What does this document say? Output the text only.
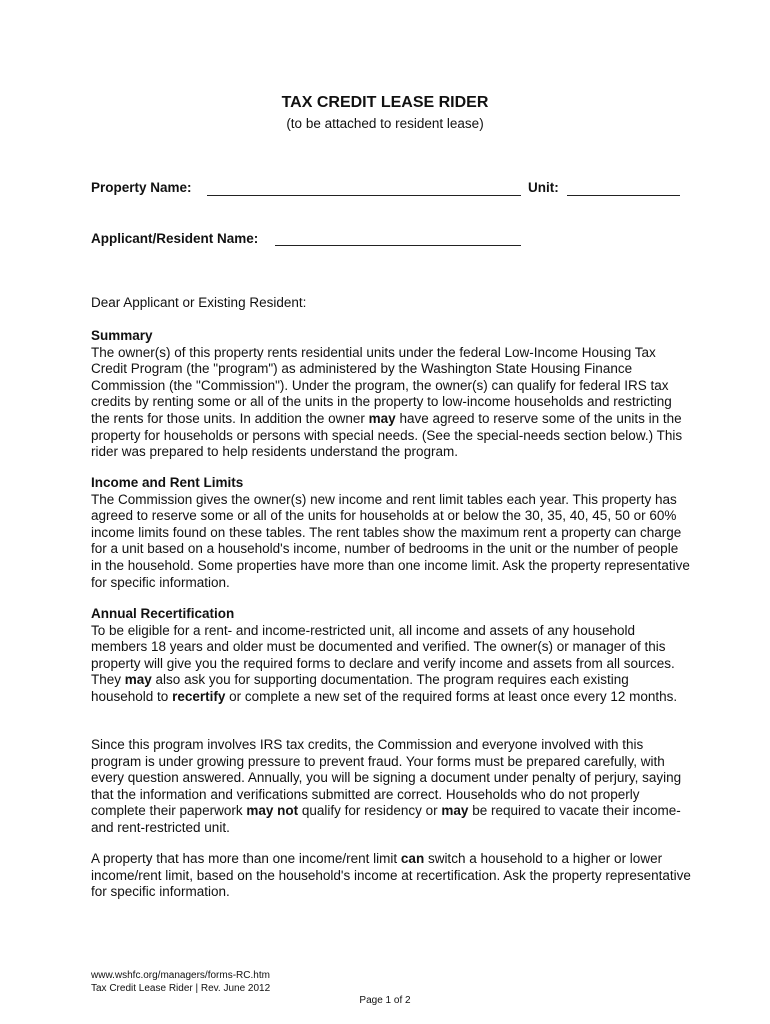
TAX CREDIT LEASE RIDER
(to be attached to resident lease)
Property Name:	Unit:
Applicant/Resident Name:
Dear Applicant or Existing Resident:
Summary
The owner(s) of this property rents residential units under the federal Low-Income Housing Tax Credit Program (the "program") as administered by the Washington State Housing Finance Commission (the "Commission"). Under the program, the owner(s) can qualify for federal IRS tax credits by renting some or all of the units in the property to low-income households and restricting the rents for those units. In addition the owner may have agreed to reserve some of the units in the property for households or persons with special needs. (See the special-needs section below.) This rider was prepared to help residents understand the program.
Income and Rent Limits
The Commission gives the owner(s) new income and rent limit tables each year. This property has agreed to reserve some or all of the units for households at or below the 30, 35, 40, 45, 50 or 60% income limits found on these tables. The rent tables show the maximum rent a property can charge for a unit based on a household's income, number of bedrooms in the unit or the number of people in the household. Some properties have more than one income limit. Ask the property representative for specific information.
Annual Recertification
To be eligible for a rent- and income-restricted unit, all income and assets of any household members 18 years and older must be documented and verified. The owner(s) or manager of this property will give you the required forms to declare and verify income and assets from all sources. They may also ask you for supporting documentation. The program requires each existing household to recertify or complete a new set of the required forms at least once every 12 months.
Since this program involves IRS tax credits, the Commission and everyone involved with this program is under growing pressure to prevent fraud. Your forms must be prepared carefully, with every question answered. Annually, you will be signing a document under penalty of perjury, saying that the information and verifications submitted are correct. Households who do not properly complete their paperwork may not qualify for residency or may be required to vacate their income- and rent-restricted unit.
A property that has more than one income/rent limit can switch a household to a higher or lower income/rent limit, based on the household's income at recertification. Ask the property representative for specific information.
www.wshfc.org/managers/forms-RC.htm
Tax Credit Lease Rider | Rev. June 2012
Page 1 of 2
